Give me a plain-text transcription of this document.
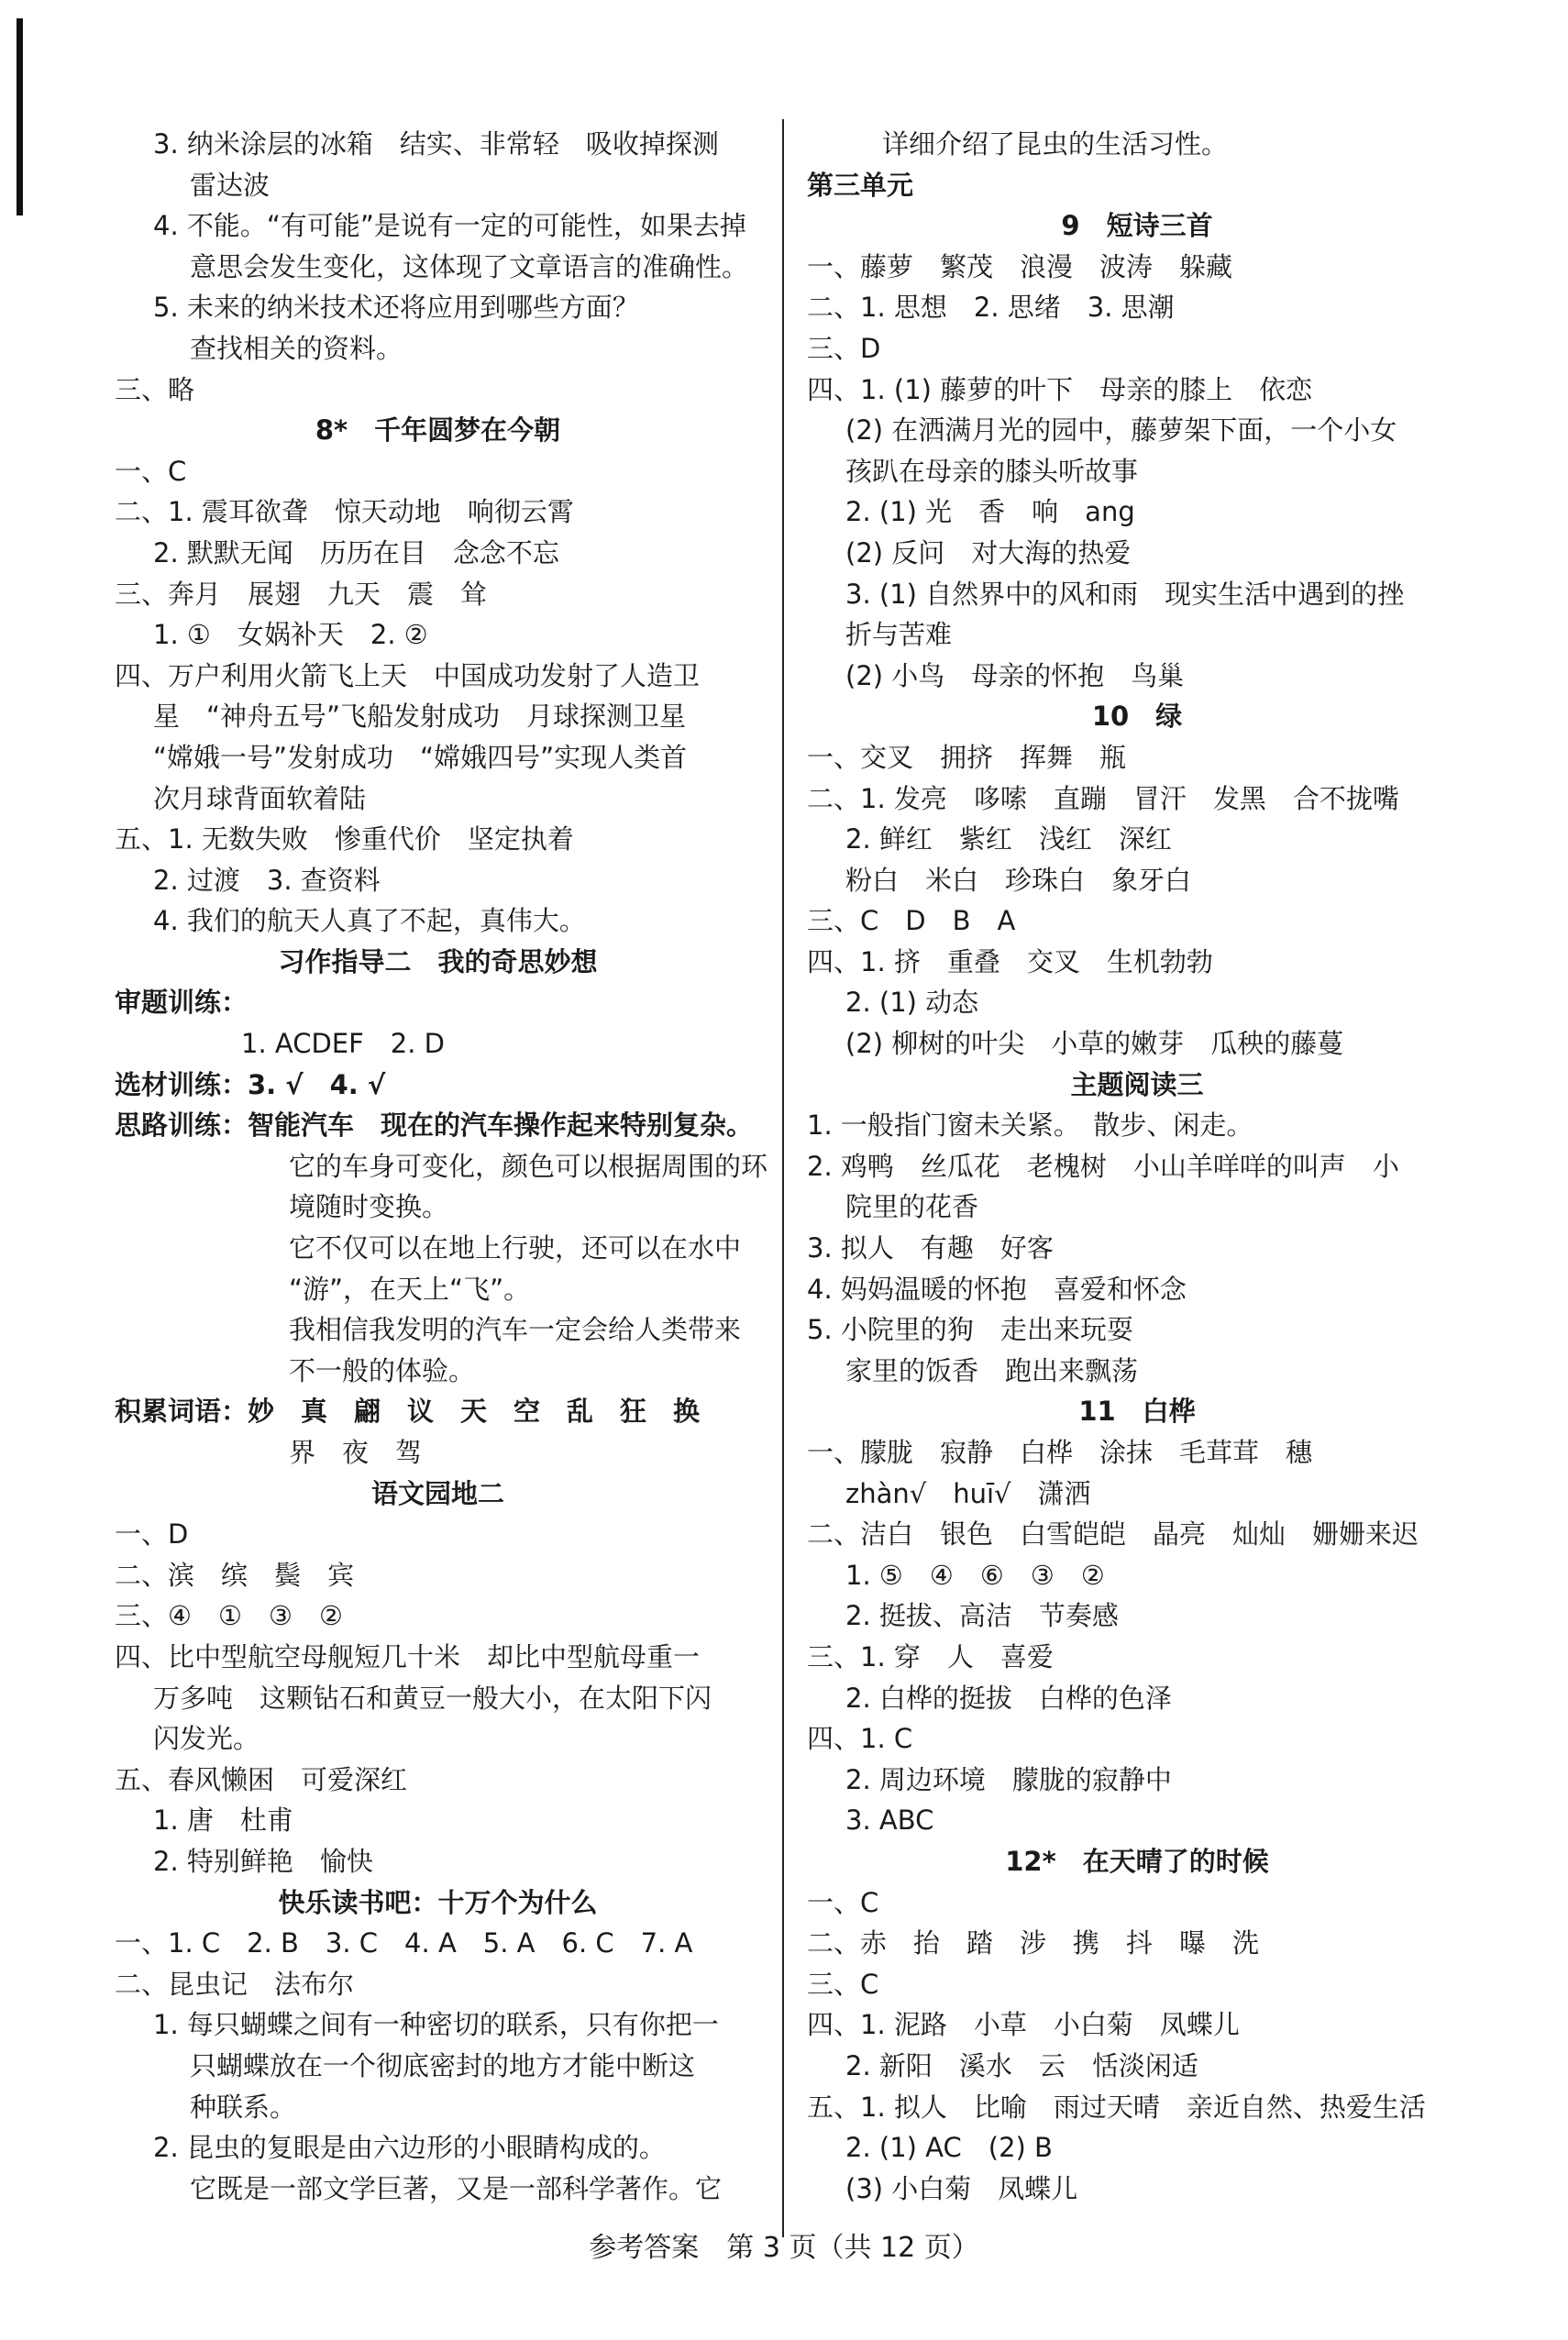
3. 纳米涂层的冰箱　结实、非常轻　吸收掉探测
雷达波
4. 不能。“有可能”是说有一定的可能性，如果去掉
意思会发生变化，这体现了文章语言的准确性。
5. 未来的纳米技术还将应用到哪些方面？
查找相关的资料。
三、略
8*　千年圆梦在今朝
一、C
二、1. 震耳欲聋　惊天动地　响彻云霄
2. 默默无闻　历历在目　念念不忘
三、奔月　展翅　九天　震　耸
1. ①　女娲补天　2. ②
四、万户利用火箭飞上天　中国成功发射了人造卫
星　“神舟五号”飞船发射成功　月球探测卫星
“嫦娥一号”发射成功　“嫦娥四号”实现人类首
次月球背面软着陆
五、1. 无数失败　惨重代价　坚定执着
2. 过渡　3. 查资料
4. 我们的航天人真了不起，真伟大。
习作指导二　我的奇思妙想
审题训练：
1. ACDEF　2. D
选材训练：3. √　4. √
思路训练：智能汽车　现在的汽车操作起来特别复杂。
它的车身可变化，颜色可以根据周围的环
境随时变换。
它不仅可以在地上行驶，还可以在水中
“游”，在天上“飞”。
我相信我发明的汽车一定会给人类带来
不一般的体验。
积累词语：妙　真　翩　议　天　空　乱　狂　换
界　夜　驾
语文园地二
一、D
二、滨　缤　鬓　宾
三、④　①　③　②
四、比中型航空母舰短几十米　却比中型航母重一
万多吨　这颗钻石和黄豆一般大小，在太阳下闪
闪发光。
五、春风懒困　可爱深红
1. 唐　杜甫
2. 特别鲜艳　愉快
快乐读书吧：十万个为什么
一、1. C　2. B　3. C　4. A　5. A　6. C　7. A
二、昆虫记　法布尔
1. 每只蝴蝶之间有一种密切的联系，只有你把一
只蝴蝶放在一个彻底密封的地方才能中断这
种联系。
2. 昆虫的复眼是由六边形的小眼睛构成的。
它既是一部文学巨著，又是一部科学著作。它
详细介绍了昆虫的生活习性。
第三单元
9　短诗三首
一、藤萝　繁茂　浪漫　波涛　躲藏
二、1. 思想　2. 思绪　3. 思潮
三、D
四、1. (1) 藤萝的叶下　母亲的膝上　依恋
(2) 在洒满月光的园中，藤萝架下面，一个小女
孩趴在母亲的膝头听故事
2. (1) 光　香　响　ang
(2) 反问　对大海的热爱
3. (1) 自然界中的风和雨　现实生活中遇到的挫
折与苦难
(2) 小鸟　母亲的怀抱　鸟巢
10　绿
一、交叉　拥挤　挥舞　瓶
二、1. 发亮　哆嗦　直蹦　冒汗　发黑　合不拢嘴
2. 鲜红　紫红　浅红　深红
粉白　米白　珍珠白　象牙白
三、C　D　B　A
四、1. 挤　重叠　交叉　生机勃勃
2. (1) 动态
(2) 柳树的叶尖　小草的嫩芽　瓜秧的藤蔓
主题阅读三
1. 一般指门窗未关紧。　散步、闲走。
2. 鸡鸭　丝瓜花　老槐树　小山羊咩咩的叫声　小
院里的花香
3. 拟人　有趣　好客
4. 妈妈温暖的怀抱　喜爱和怀念
5. 小院里的狗　走出来玩耍
家里的饭香　跑出来飘荡
11　白桦
一、朦胧　寂静　白桦　涂抹　毛茸茸　穗
zhàn√　huī√　潇洒
二、洁白　银色　白雪皑皑　晶亮　灿灿　姗姗来迟
1. ⑤　④　⑥　③　②
2. 挺拔、高洁　节奏感
三、1. 穿　人　喜爱
2. 白桦的挺拔　白桦的色泽
四、1. C
2. 周边环境　朦胧的寂静中
3. ABC
12*　在天晴了的时候
一、C
二、赤　抬　踏　涉　携　抖　曝　洗
三、C
四、1. 泥路　小草　小白菊　凤蝶儿
2. 新阳　溪水　云　恬淡闲适
五、1. 拟人　比喻　雨过天晴　亲近自然、热爱生活
2. (1) AC　(2) B
(3) 小白菊　凤蝶儿
参考答案　第 3 页（共 12 页）
